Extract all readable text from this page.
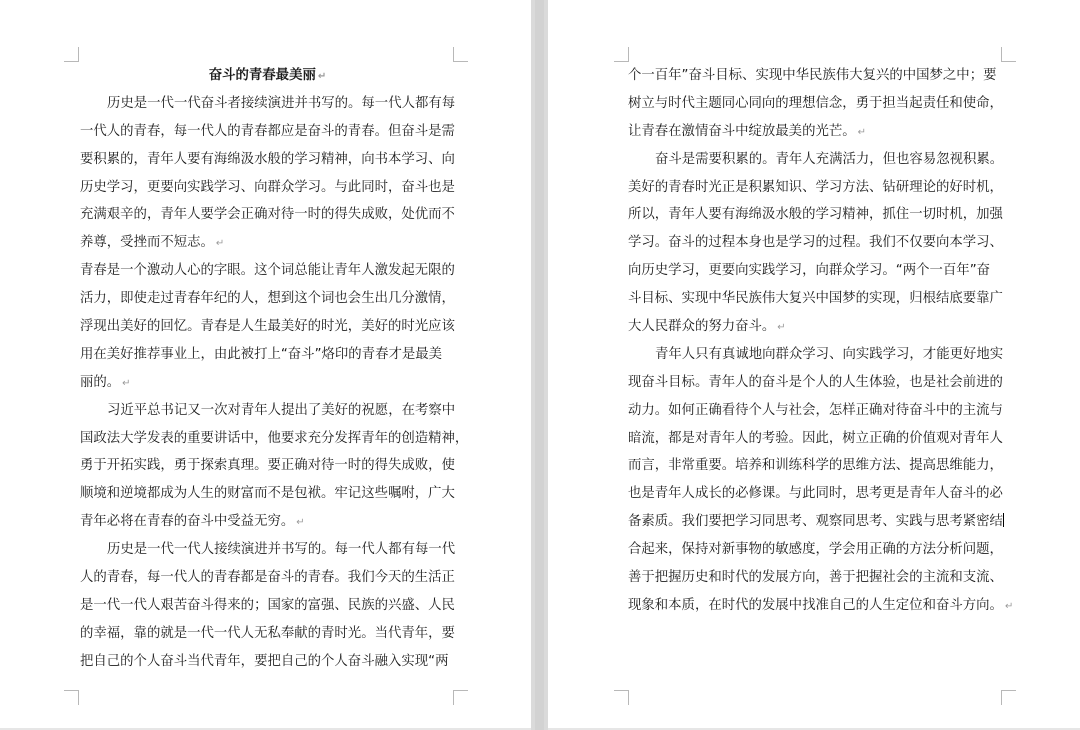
奋斗的青春最美丽 ↵
历史是一代一代奋斗者接续演进并书写的。每一代人都有每
一代人的青春，每一代人的青春都应是奋斗的青春。但奋斗是需
要积累的，青年人要有海绵汲水般的学习精神，向书本学习、向
历史学习，更要向实践学习、向群众学习。与此同时，奋斗也是
充满艰辛的，青年人要学会正确对待一时的得失成败，处优而不
养尊，受挫而不短志。 ↵
青春是一个激动人心的字眼。这个词总能让青年人激发起无限的
活力，即使走过青春年纪的人，想到这个词也会生出几分激情，
浮现出美好的回忆。青春是人生最美好的时光，美好的时光应该
用在美好推荐事业上，由此被打上“奋斗”烙印的青春才是最美
丽的。 ↵
习近平总书记又一次对青年人提出了美好的祝愿，在考察中
国政法大学发表的重要讲话中，他要求充分发挥青年的创造精神，
勇于开拓实践，勇于探索真理。要正确对待一时的得失成败，使
顺境和逆境都成为人生的财富而不是包袱。牢记这些嘱咐，广大
青年必将在青春的奋斗中受益无穷。 ↵
历史是一代一代人接续演进并书写的。每一代人都有每一代
人的青春，每一代人的青春都是奋斗的青春。我们今天的生活正
是一代一代人艰苦奋斗得来的；国家的富强、民族的兴盛、人民
的幸福，靠的就是一代一代人无私奉献的青时光。当代青年，要
把自己的个人奋斗当代青年，要把自己的个人奋斗融入实现“两
个一百年”奋斗目标、实现中华民族伟大复兴的中国梦之中；要
树立与时代主题同心同向的理想信念，勇于担当起责任和使命，
让青春在激情奋斗中绽放最美的光芒。 ↵
奋斗是需要积累的。青年人充满活力，但也容易忽视积累。
美好的青春时光正是积累知识、学习方法、钻研理论的好时机，
所以，青年人要有海绵汲水般的学习精神，抓住一切时机，加强
学习。奋斗的过程本身也是学习的过程。我们不仅要向本学习、
向历史学习，更要向实践学习，向群众学习。“两个一百年”奋
斗目标、实现中华民族伟大复兴中国梦的实现，归根结底要靠广
大人民群众的努力奋斗。 ↵
青年人只有真诚地向群众学习、向实践学习，才能更好地实
现奋斗目标。青年人的奋斗是个人的人生体验，也是社会前进的
动力。如何正确看待个人与社会，怎样正确对待奋斗中的主流与
暗流，都是对青年人的考验。因此，树立正确的价值观对青年人
而言，非常重要。培养和训练科学的思维方法、提高思维能力，
也是青年人成长的必修课。与此同时，思考更是青年人奋斗的必
备素质。我们要把学习同思考、观察同思考、实践与思考紧密结
合起来，保持对新事物的敏感度，学会用正确的方法分析问题，
善于把握历史和时代的发展方向，善于把握社会的主流和支流、
现象和本质，在时代的发展中找准自己的人生定位和奋斗方向。 ↵
